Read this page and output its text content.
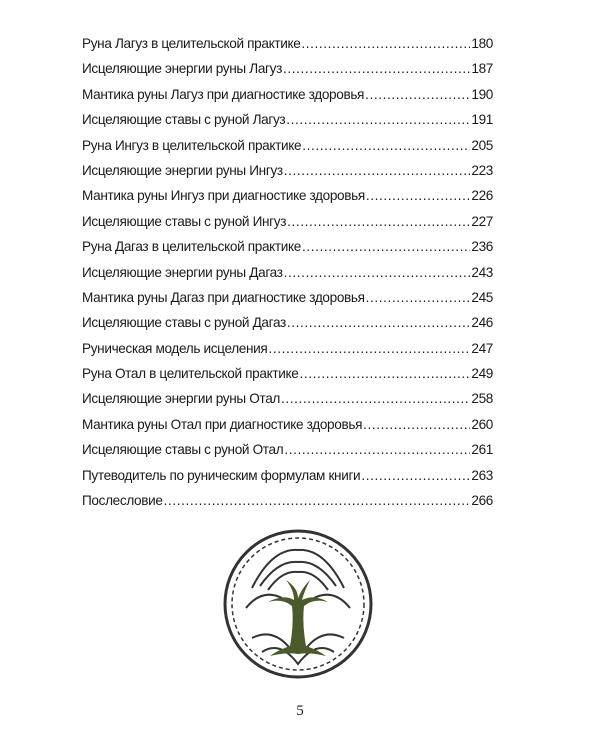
Руна Лагуз в целительской практике .....	180
Исцеляющие энергии руны Лагуз .....	187
Мантика руны Лагуз при диагностике здоровья .....	190
Исцеляющие ставы с руной Лагуз .....	191
Руна Ингуз в целительской практике .....	205
Исцеляющие энергии руны Ингуз .....	223
Мантика руны Ингуз при диагностике здоровья .....	226
Исцеляющие ставы с руной Ингуз .....	227
Руна Дагаз в целительской практике .....	236
Исцеляющие энергии руны Дагаз .....	243
Мантика руны Дагаз при диагностике здоровья .....	245
Исцеляющие ставы с руной Дагаз .....	246
Руническая модель исцеления .....	247
Руна Отал в целительской практике .....	249
Исцеляющие энергии руны Отал .....	258
Мантика руны Отал при диагностике здоровья .....	260
Исцеляющие ставы с руной Отал .....	261
Путеводитель по руническим формулам книги .....	263
Послесловие .....	266
5
